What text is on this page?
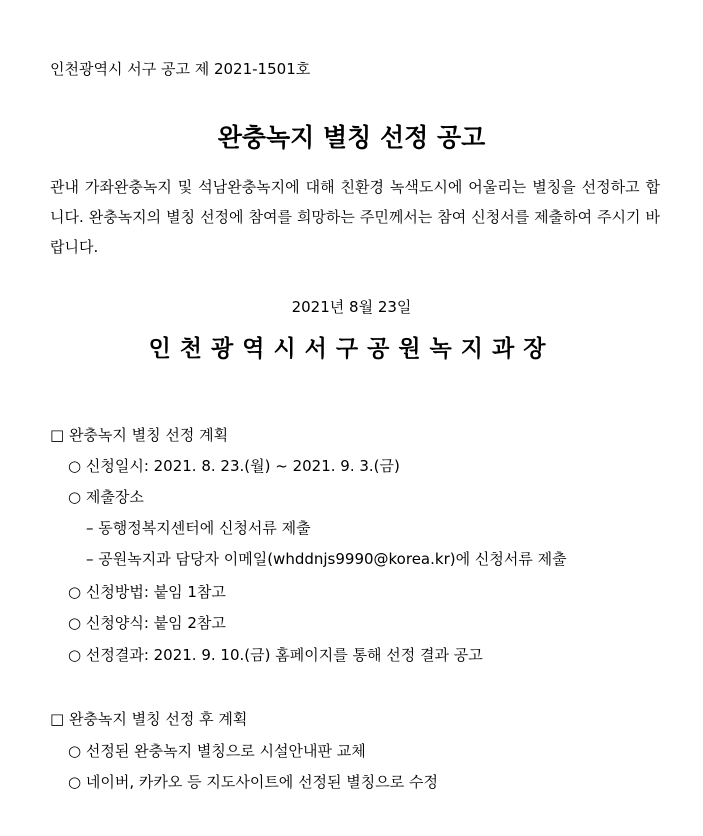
인천광역시 서구 공고 제 2021-1501호
완충녹지 별칭 선정 공고
관내 가좌완충녹지 및 석남완충녹지에 대해 친환경 녹색도시에 어울리는 별칭을 선정하고 합니다. 완충녹지의 별칭 선정에 참여를 희망하는 주민께서는 참여 신청서를 제출하여 주시기 바랍니다.
2021년 8월 23일
인천광역시서구공원녹지과장
□ 완충녹지 별칭 선정 계획
○ 신청일시: 2021. 8. 23.(월) ~ 2021. 9. 3.(금)
○ 제출장소
– 동행정복지센터에 신청서류 제출
– 공원녹지과 담당자 이메일(whddnjs9990@korea.kr)에 신청서류 제출
○ 신청방법: 붙임 1참고
○ 신청양식: 붙임 2참고
○ 선정결과: 2021. 9. 10.(금) 홈페이지를 통해 선정 결과 공고
□ 완충녹지 별칭 선정 후 계획
○ 선정된 완충녹지 별칭으로 시설안내판 교체
○ 네이버, 카카오 등 지도사이트에 선정된 별칭으로 수정
